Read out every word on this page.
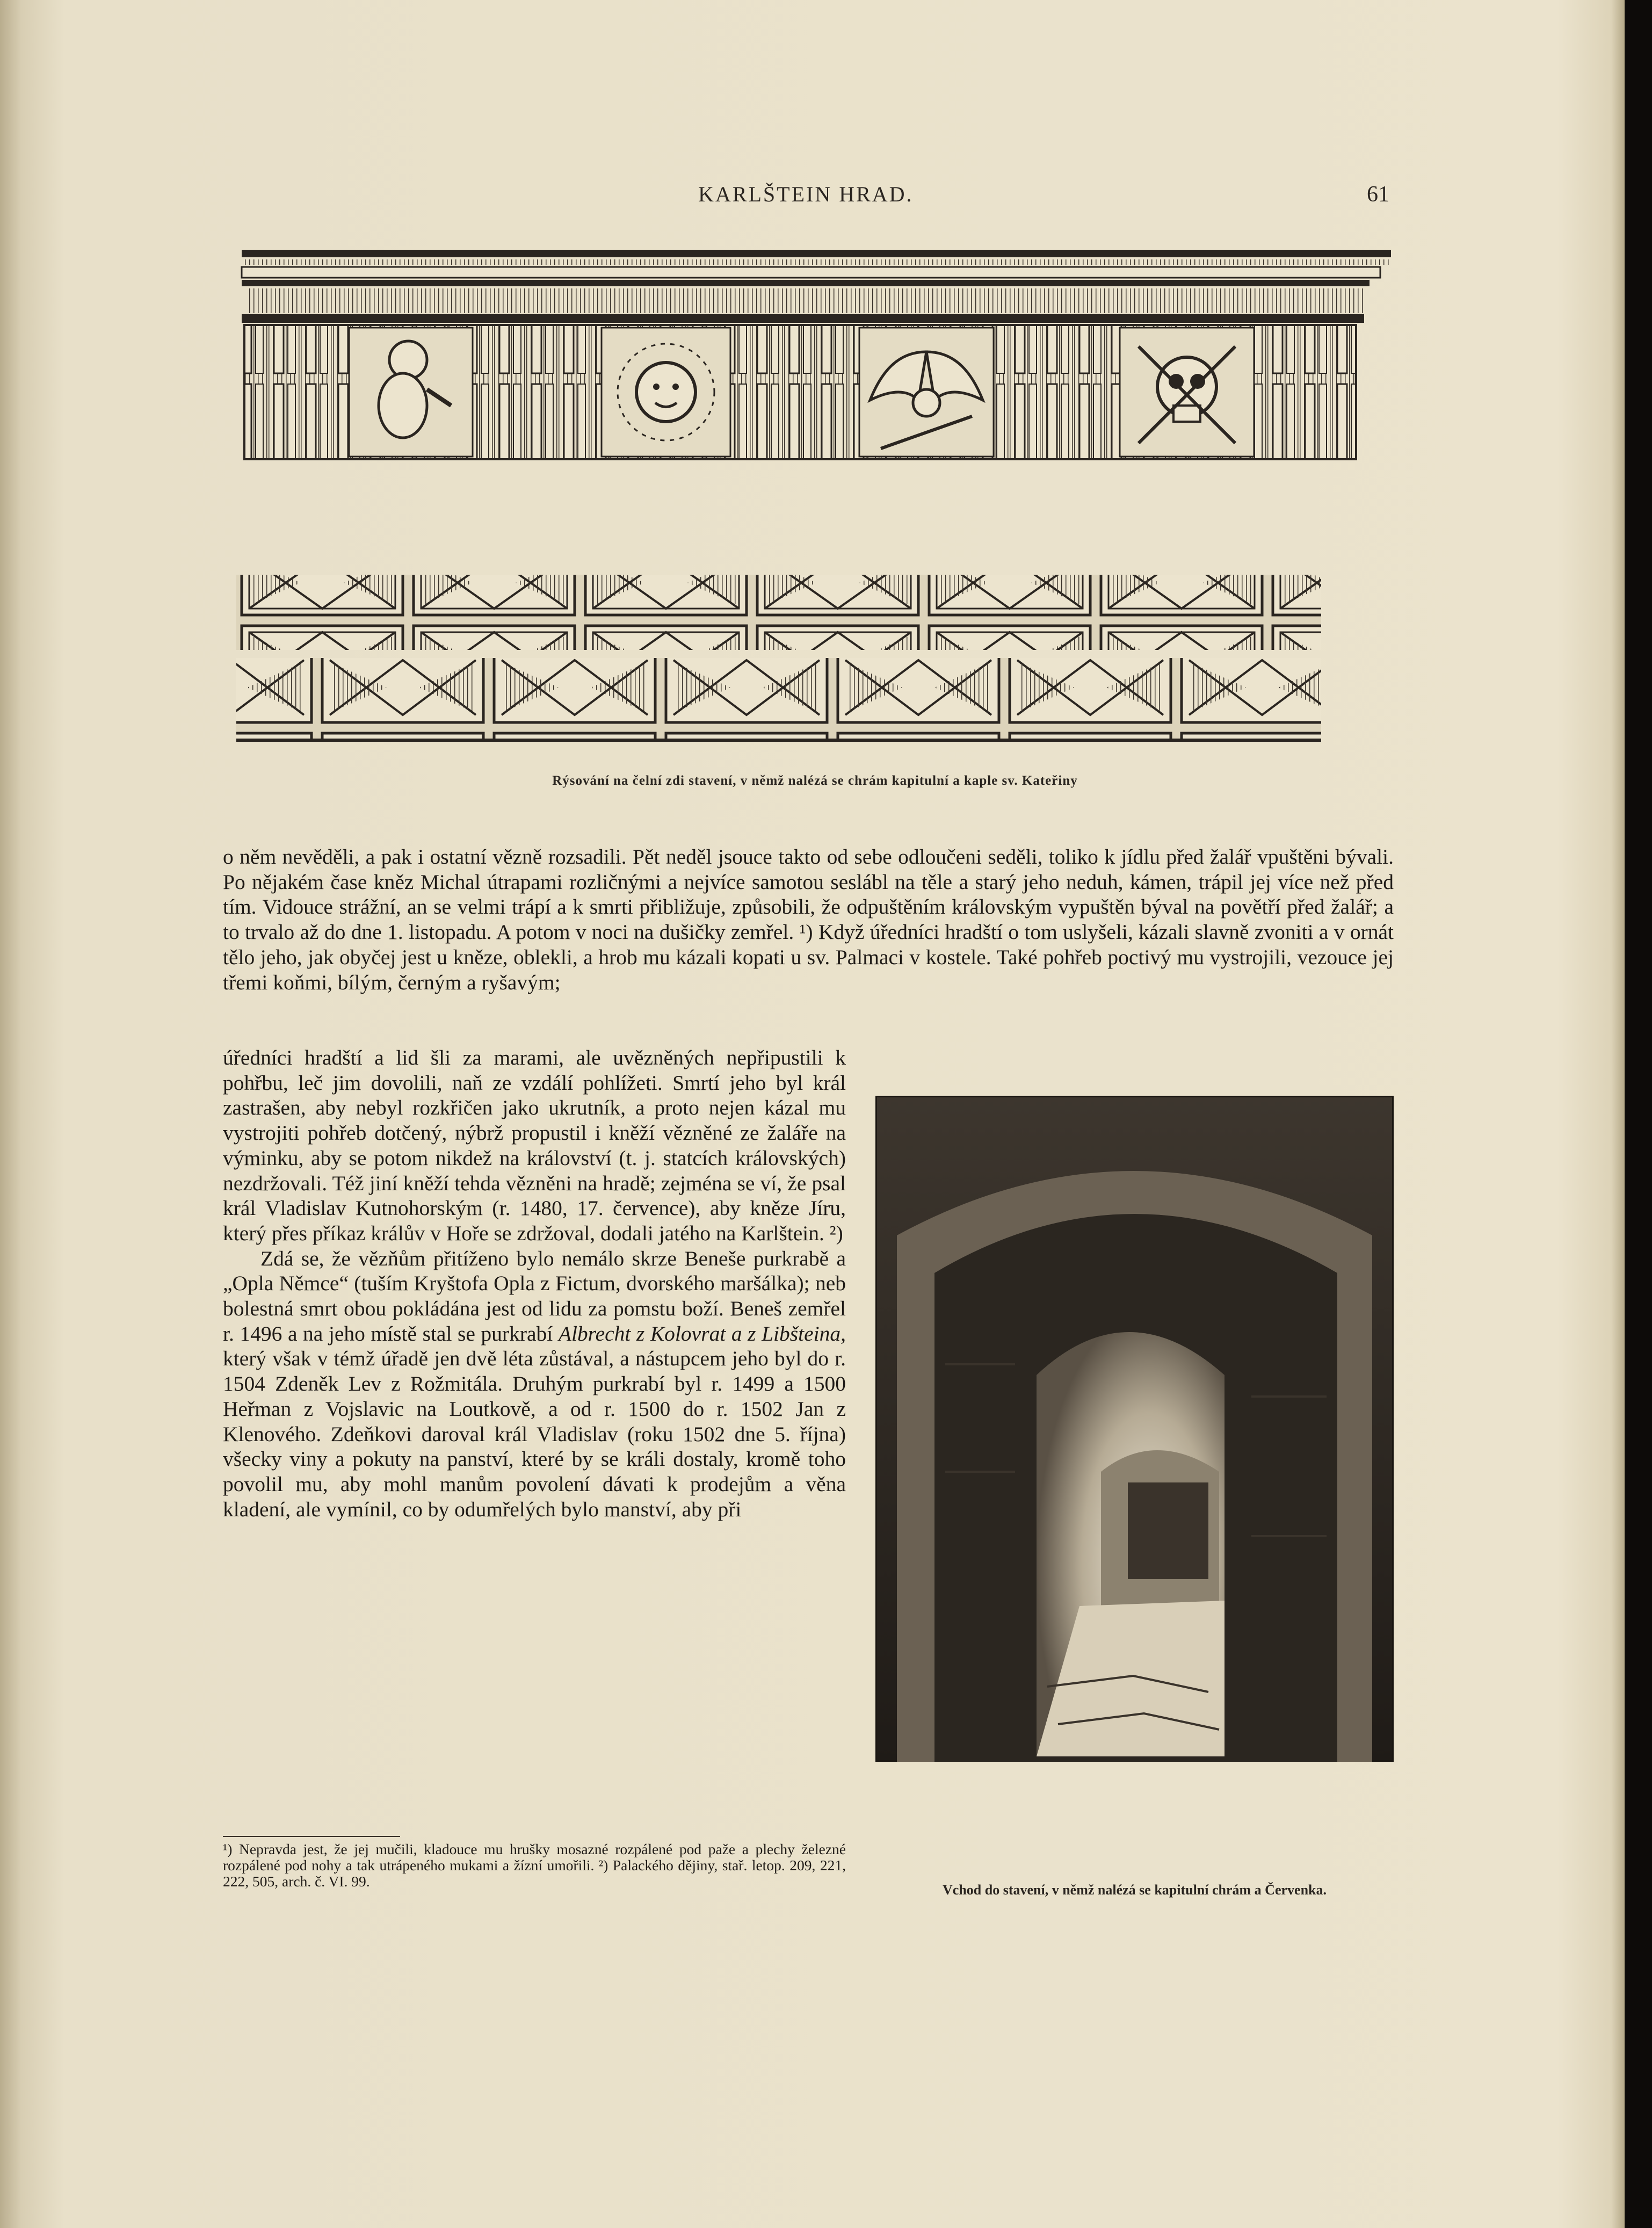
KARLŠTEIN HRAD.	61
Rýsování na čelní zdi stavení, v němž nalézá se chrám kapitulní a kaple sv. Kateřiny

o něm nevěděli, a pak i ostatní vězně rozsadili. Pět neděl jsouce takto od sebe odloučeni seděli, toliko k jídlu před žalář vpuštěni bývali. Po nějakém čase kněz Michal útrapami rozličnými a nejvíce samotou seslábl na těle a starý jeho neduh, kámen, trápil jej více než před tím. Vidouce strážní, an se velmi trápí a k smrti přibližuje, způsobili, že odpuštěním královským vypuštěn býval na povětří před žalář; a to trvalo až do dne 1. listopadu. A potom v noci na dušičky zemřel. ¹) Když úředníci hradští o tom uslyšeli, kázali slavně zvoniti a v ornát tělo jeho, jak obyčej jest u kněze, oblekli, a hrob mu kázali kopati u sv. Palmaci v kostele. Také pohřeb poctivý mu vystrojili, vezouce jej třemi koňmi, bílým, černým a ryšavým;

úředníci hradští a lid šli za marami, ale uvězněných nepřipustili k pohřbu, leč jim dovolili, naň ze vzdálí pohlížeti. Smrtí jeho byl král zastrašen, aby nebyl rozkřičen jako ukrutník, a proto nejen kázal mu vystrojiti pohřeb dotčený, nýbrž propustil i kněží vězněné ze žaláře na výminku, aby se potom nikdež na království (t. j. statcích královských) nezdržovali. Též jiní kněží tehda vězněni na hradě; zejména se ví, že psal král Vladislav Kutnohorským (r. 1480, 17. července), aby kněze Jíru, který přes příkaz králův v Hoře se zdržoval, dodali jatého na Karlštein. ²)

Zdá se, že vězňům přitíženo bylo nemálo skrze Beneše purkrabě a „Opla Němce“ (tuším Kryštofa Opla z Fictum, dvorského maršálka); neb bolestná smrt obou pokládána jest od lidu za pomstu boží. Beneš zemřel r. 1496 a na jeho místě stal se purkrabí Albrecht z Kolovrat a z Libšteina, který však v témž úřadě jen dvě léta zůstával, a nástupcem jeho byl do r. 1504 Zdeněk Lev z Rožmitála. Druhým purkrabí byl r. 1499 a 1500 Heřman z Vojslavic na Loutkově, a od r. 1500 do r. 1502 Jan z Klenového. Zdeňkovi daroval král Vladislav (roku 1502 dne 5. října) všecky viny a pokuty na panství, které by se králi dostaly, kromě toho povolil mu, aby mohl manům povolení dávati k prodejům a věna kladení, ale vymínil, co by odumřelých bylo manství, aby při

¹) Nepravda jest, že jej mučili, kladouce mu hrušky mosazné rozpálené pod paže a plechy železné rozpálené pod nohy a tak utrápeného mukami a žízní umořili. ²) Palackého dějiny, stař. letop. 209, 221, 222, 505, arch. č. VI. 99.
Vchod do stavení, v němž nalézá se kapitulní chrám a Červenka.
